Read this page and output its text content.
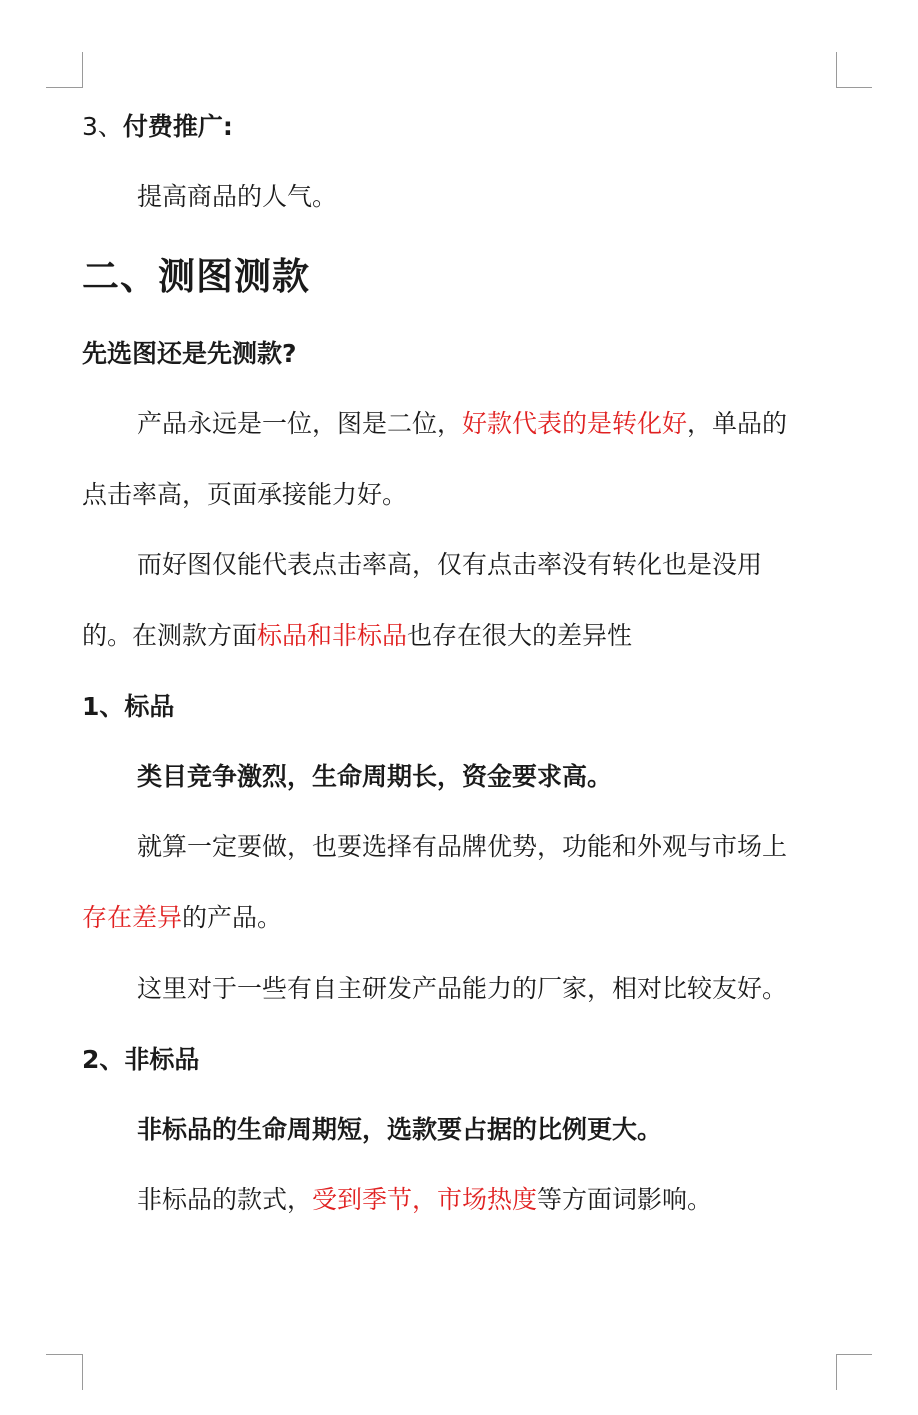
3、付费推广:
提高商品的人气。
二、测图测款
先选图还是先测款?
产品永远是一位，图是二位，好款代表的是转化好，单品的
点击率高，页面承接能力好。
而好图仅能代表点击率高，仅有点击率没有转化也是没用
的。在测款方面标品和非标品也存在很大的差异性
1、标品
类目竞争激烈，生命周期长，资金要求高。
就算一定要做，也要选择有品牌优势，功能和外观与市场上
存在差异的产品。
这里对于一些有自主研发产品能力的厂家，相对比较友好。
2、非标品
非标品的生命周期短，选款要占据的比例更大。
非标品的款式，受到季节，市场热度等方面词影响。
